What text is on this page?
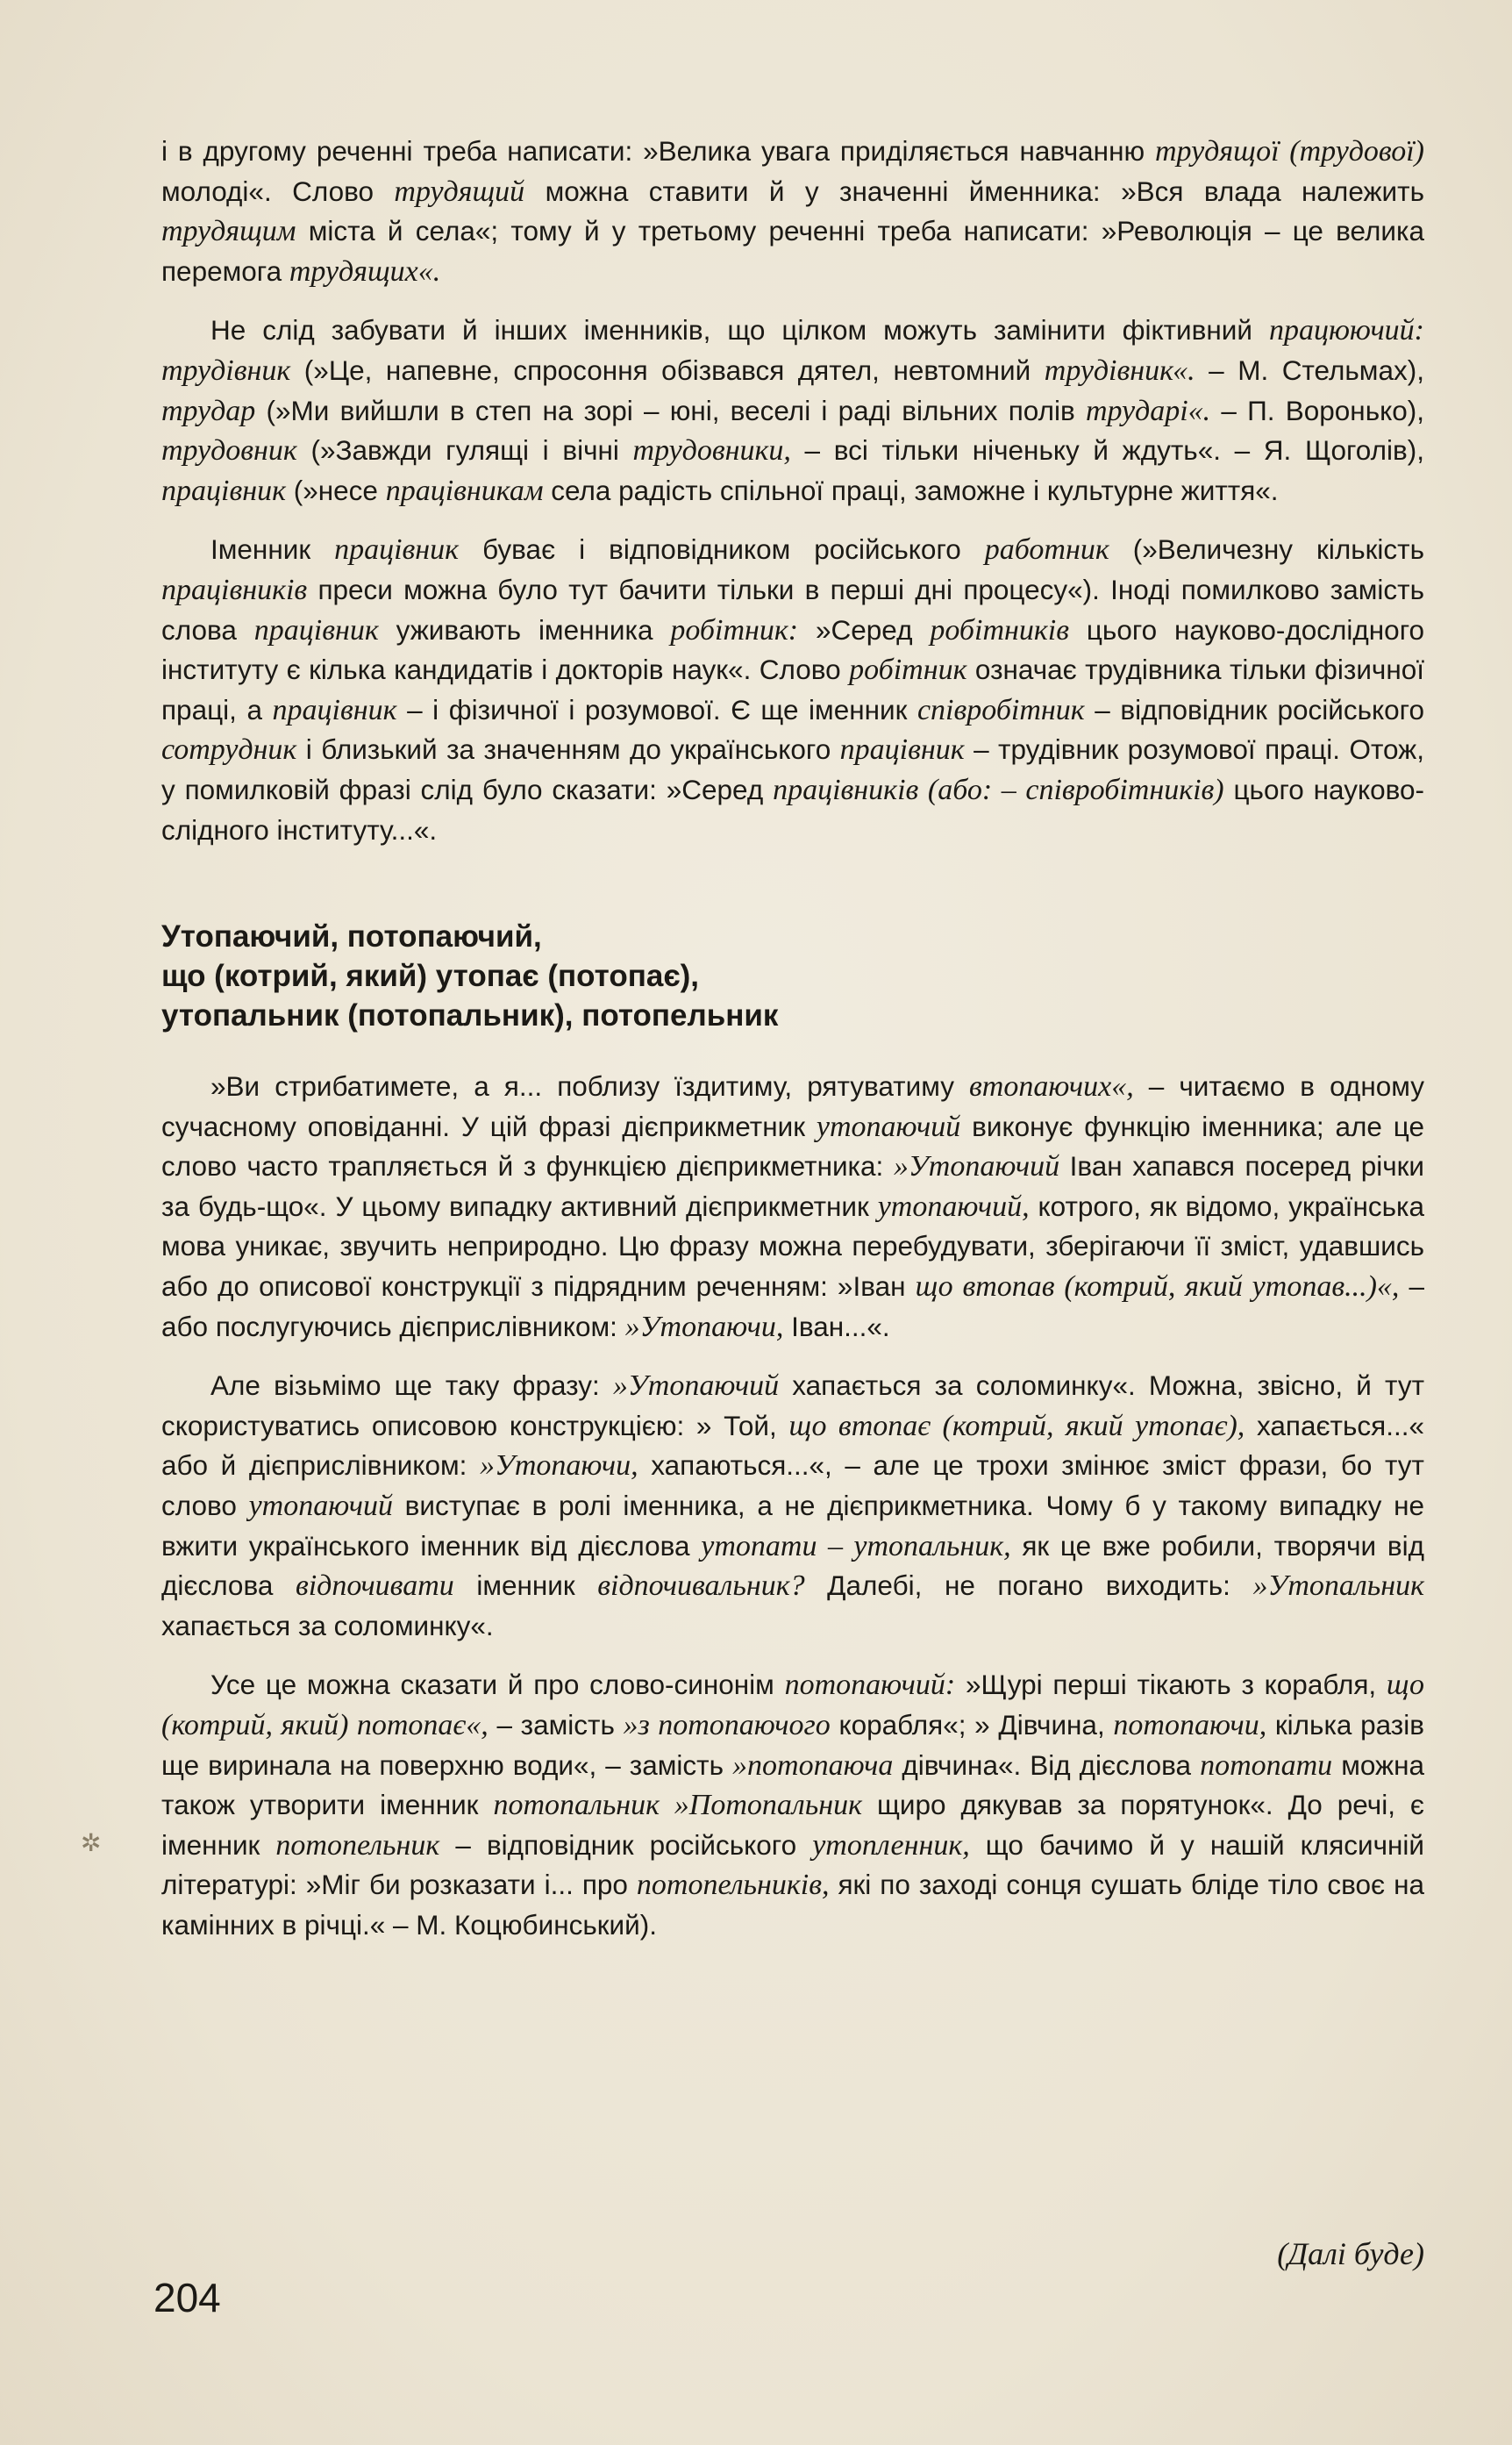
і в другому реченні треба написати: »Велика увага приділяється навчанню трудящої (трудової) молоді«. Слово трудящий можна ставити й у значенні йменника: »Вся влада належить трудящим міста й села«; тому й у третьому реченні треба написати: »Революція – це велика перемога трудящих«.

Не слід забувати й інших іменників, що цілком можуть замінити фіктивний працюючий: трудівник (»Це, напевне, спросоння обізвався дятел, невтомний трудівник«. – М. Стельмах), трудар (»Ми вийшли в степ на зорі – юні, веселі і раді вільних полів трударі«. – П. Воронько), трудовник (»Завжди гулящі і вічні трудовники, – всі тільки ніченьку й ждуть«. – Я. Щоголів), працівник (»несе працівникам села радість спільної праці, заможне і культурне життя«.

Іменник працівник буває і відповідником російського работник (»Величезну кількість працівників преси можна було тут бачити тільки в перші дні процесу«). Іноді помилково замість слова працівник уживають іменника робітник: »Серед робітників цього науково-дослідного інституту є кілька кандидатів і докторів наук«. Слово робітник означає трудівника тільки фізичної праці, а працівник – і фізичної і розумової. Є ще іменник співробітник – відповідник російського сотрудник і близький за значенням до українського працівник – трудівник розумової праці. Отож, у помилковій фразі слід було сказати: »Серед працівників (або: – співробітників) цього науково-слідного інституту...«.

Утопаючий, потопаючий,
що (котрий, який) утопає (потопає),
утопальник (потопальник), потопельник

»Ви стрибатимете, а я... поблизу їздитиму, рятуватиму втопаючих«, – читаємо в одному сучасному оповіданні. У цій фразі дієприкметник утопаючий виконує функцію іменника; але це слово часто трапляється й з функцією дієприкметника: »Утопаючий Іван хапався посеред річки за будь-що«. У цьому випадку активний дієприкметник утопаючий, котрого, як відомо, українська мова уникає, звучить неприродно. Цю фразу можна перебудувати, зберігаючи її зміст, удавшись або до описової конструкції з підрядним реченням: »Іван що втопав (котрий, який утопав...)«, – або послугуючись дієприслівником: »Утопаючи, Іван...«.

Але візьмімо ще таку фразу: »Утопаючий хапається за соломинку«. Можна, звісно, й тут скористуватись описовою конструкцією: » Той, що втопає (котрий, який утопає), хапається...« або й дієприслівником: »Утопаючи, хапаються...«, – але це трохи змінює зміст фрази, бо тут слово утопаючий виступає в ролі іменника, а не дієприкметника. Чому б у такому випадку не вжити українського іменник від дієслова утопати – утопальник, як це вже робили, творячи від дієслова відпочивати іменник відпочивальник? Далебі, не погано виходить: »Утопальник хапається за соломинку«.

Усе це можна сказати й про слово-синонім потопаючий: »Щурі перші тікають з корабля, що (котрий, який) потопає«, – замість »з потопаючого корабля«; » Дівчина, потопаючи, кілька разів ще виринала на поверхню води«, – замість »потопаюча дівчина«. Від дієслова потопати можна також утворити іменник потопальник »Потопальник щиро дякував за порятунок«. До речі, є іменник потопельник – відповідник російського утопленник, що бачимо й у нашій клясичній літературі: »Міг би розказати і... про потопельників, які по заході сонця сушать бліде тіло своє на камінних в річці.« – М. Коцюбинський).

(Далі буде)
204
✲
